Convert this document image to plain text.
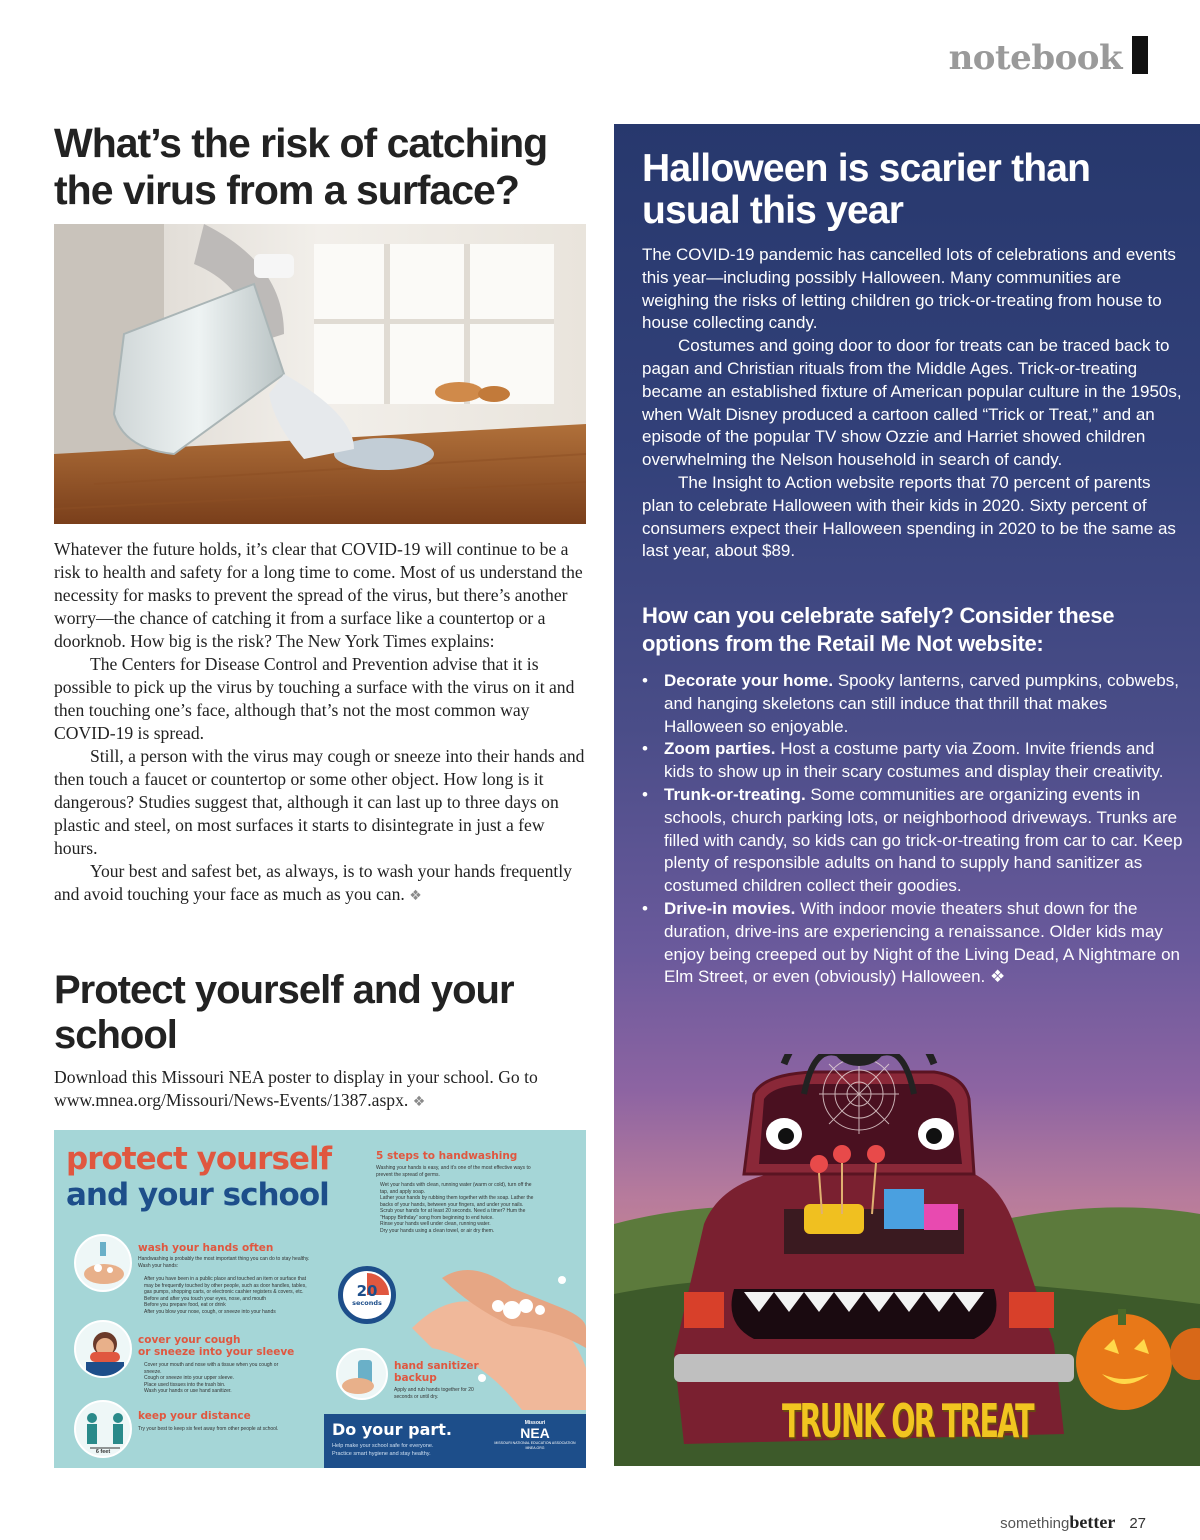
notebook
What’s the risk of catching the virus from a surface?

Whatever the future holds, it’s clear that COVID-19 will continue to be a risk to health and safety for a long time to come. Most of us understand the necessity for masks to prevent the spread of the virus, but there’s another worry—the chance of catching it from a surface like a countertop or a doorknob. How big is the risk? The New York Times explains:

The Centers for Disease Control and Prevention advise that it is possible to pick up the virus by touching a surface with the virus on it and then touching one’s face, although that’s not the most common way COVID-19 is spread.

Still, a person with the virus may cough or sneeze into their hands and then touch a faucet or countertop or some other object. How long is it dangerous? Studies suggest that, although it can last up to three days on plastic and steel, on most surfaces it starts to disintegrate in just a few hours.

Your best and safest bet, as always, is to wash your hands frequently and avoid touching your face as much as you can. ❖

Protect yourself and your school
Download this Missouri NEA poster to display in your school. Go to www.mnea.org/Missouri/News-Events/1387.aspx. ❖
protect yourself
and your school
5 steps to handwashing
Washing your hands is easy, and it’s one of the most effective ways to prevent the spread of germs.
Wet your hands with clean, running water (warm or cold), turn off the tap, and apply soap.
Lather your hands by rubbing them together with the soap. Lather the backs of your hands, between your fingers, and under your nails.
Scrub your hands for at least 20 seconds. Need a timer? Hum the “Happy Birthday” song from beginning to end twice.
Rinse your hands well under clean, running water.
Dry your hands using a clean towel, or air dry them.
wash your hands often
Handwashing is probably the most important thing you can do to stay healthy. Wash your hands:
After you have been in a public place and touched an item or surface that may be frequently touched by other people, such as door handles, tables, gas pumps, shopping carts, or electronic cashier registers & covers, etc.
Before and after you touch your eyes, nose, and mouth
Before you prepare food, eat or drink
After you blow your nose, cough, or sneeze into your hands
20
seconds
cover your cough
or sneeze into your sleeve
Cover your mouth and nose with a tissue when you cough or sneeze.
Cough or sneeze into your upper sleeve.
Place used tissues into the trash bin.
Wash your hands or use hand sanitizer.
hand sanitizer
backup
Apply and rub hands together for 20 seconds or until dry.
6 feet
keep your distance
Try your best to keep six feet away from other people at school.	Do your part.
Help make your school safe for everyone.
Practice smart hygiene and stay healthy.
Missouri
NEA
MISSOURI NATIONAL EDUCATION ASSOCIATION
MNEA.ORG
Halloween is scarier than usual this year

The COVID-19 pandemic has cancelled lots of celebrations and events this year—including possibly Halloween. Many communities are weighing the risks of letting children go trick-or-treating from house to house collecting candy.

Costumes and going door to door for treats can be traced back to pagan and Christian rituals from the Middle Ages. Trick-or-treating became an established fixture of American popular culture in the 1950s, when Walt Disney produced a cartoon called “Trick or Treat,” and an episode of the popular TV show Ozzie and Harriet showed children overwhelming the Nelson household in search of candy.

The Insight to Action website reports that 70 percent of parents plan to celebrate Halloween with their kids in 2020. Sixty percent of consumers expect their Halloween spending in 2020 to be the same as last year, about $89.

How can you celebrate safely? Consider these options from the Retail Me Not website:
• Decorate your home. Spooky lanterns, carved pumpkins, cobwebs, and hanging skeletons can still induce that thrill that makes Halloween so enjoyable.
• Zoom parties. Host a costume party via Zoom. Invite friends and kids to show up in their scary costumes and display their creativity.
• Trunk-or-treating. Some communities are organizing events in schools, church parking lots, or neighborhood driveways. Trunks are filled with candy, so kids can go trick-or-treating from car to car. Keep plenty of responsible adults on hand to supply hand sanitizer as costumed children collect their goodies.
• Drive-in movies. With indoor movie theaters shut down for the duration, drive-ins are experiencing a renaissance. Older kids may enjoy being creeped out by Night of the Living Dead, A Nightmare on Elm Street, or even (obviously) Halloween. ❖
TRUNK OR TREAT
somethingbetter 27
